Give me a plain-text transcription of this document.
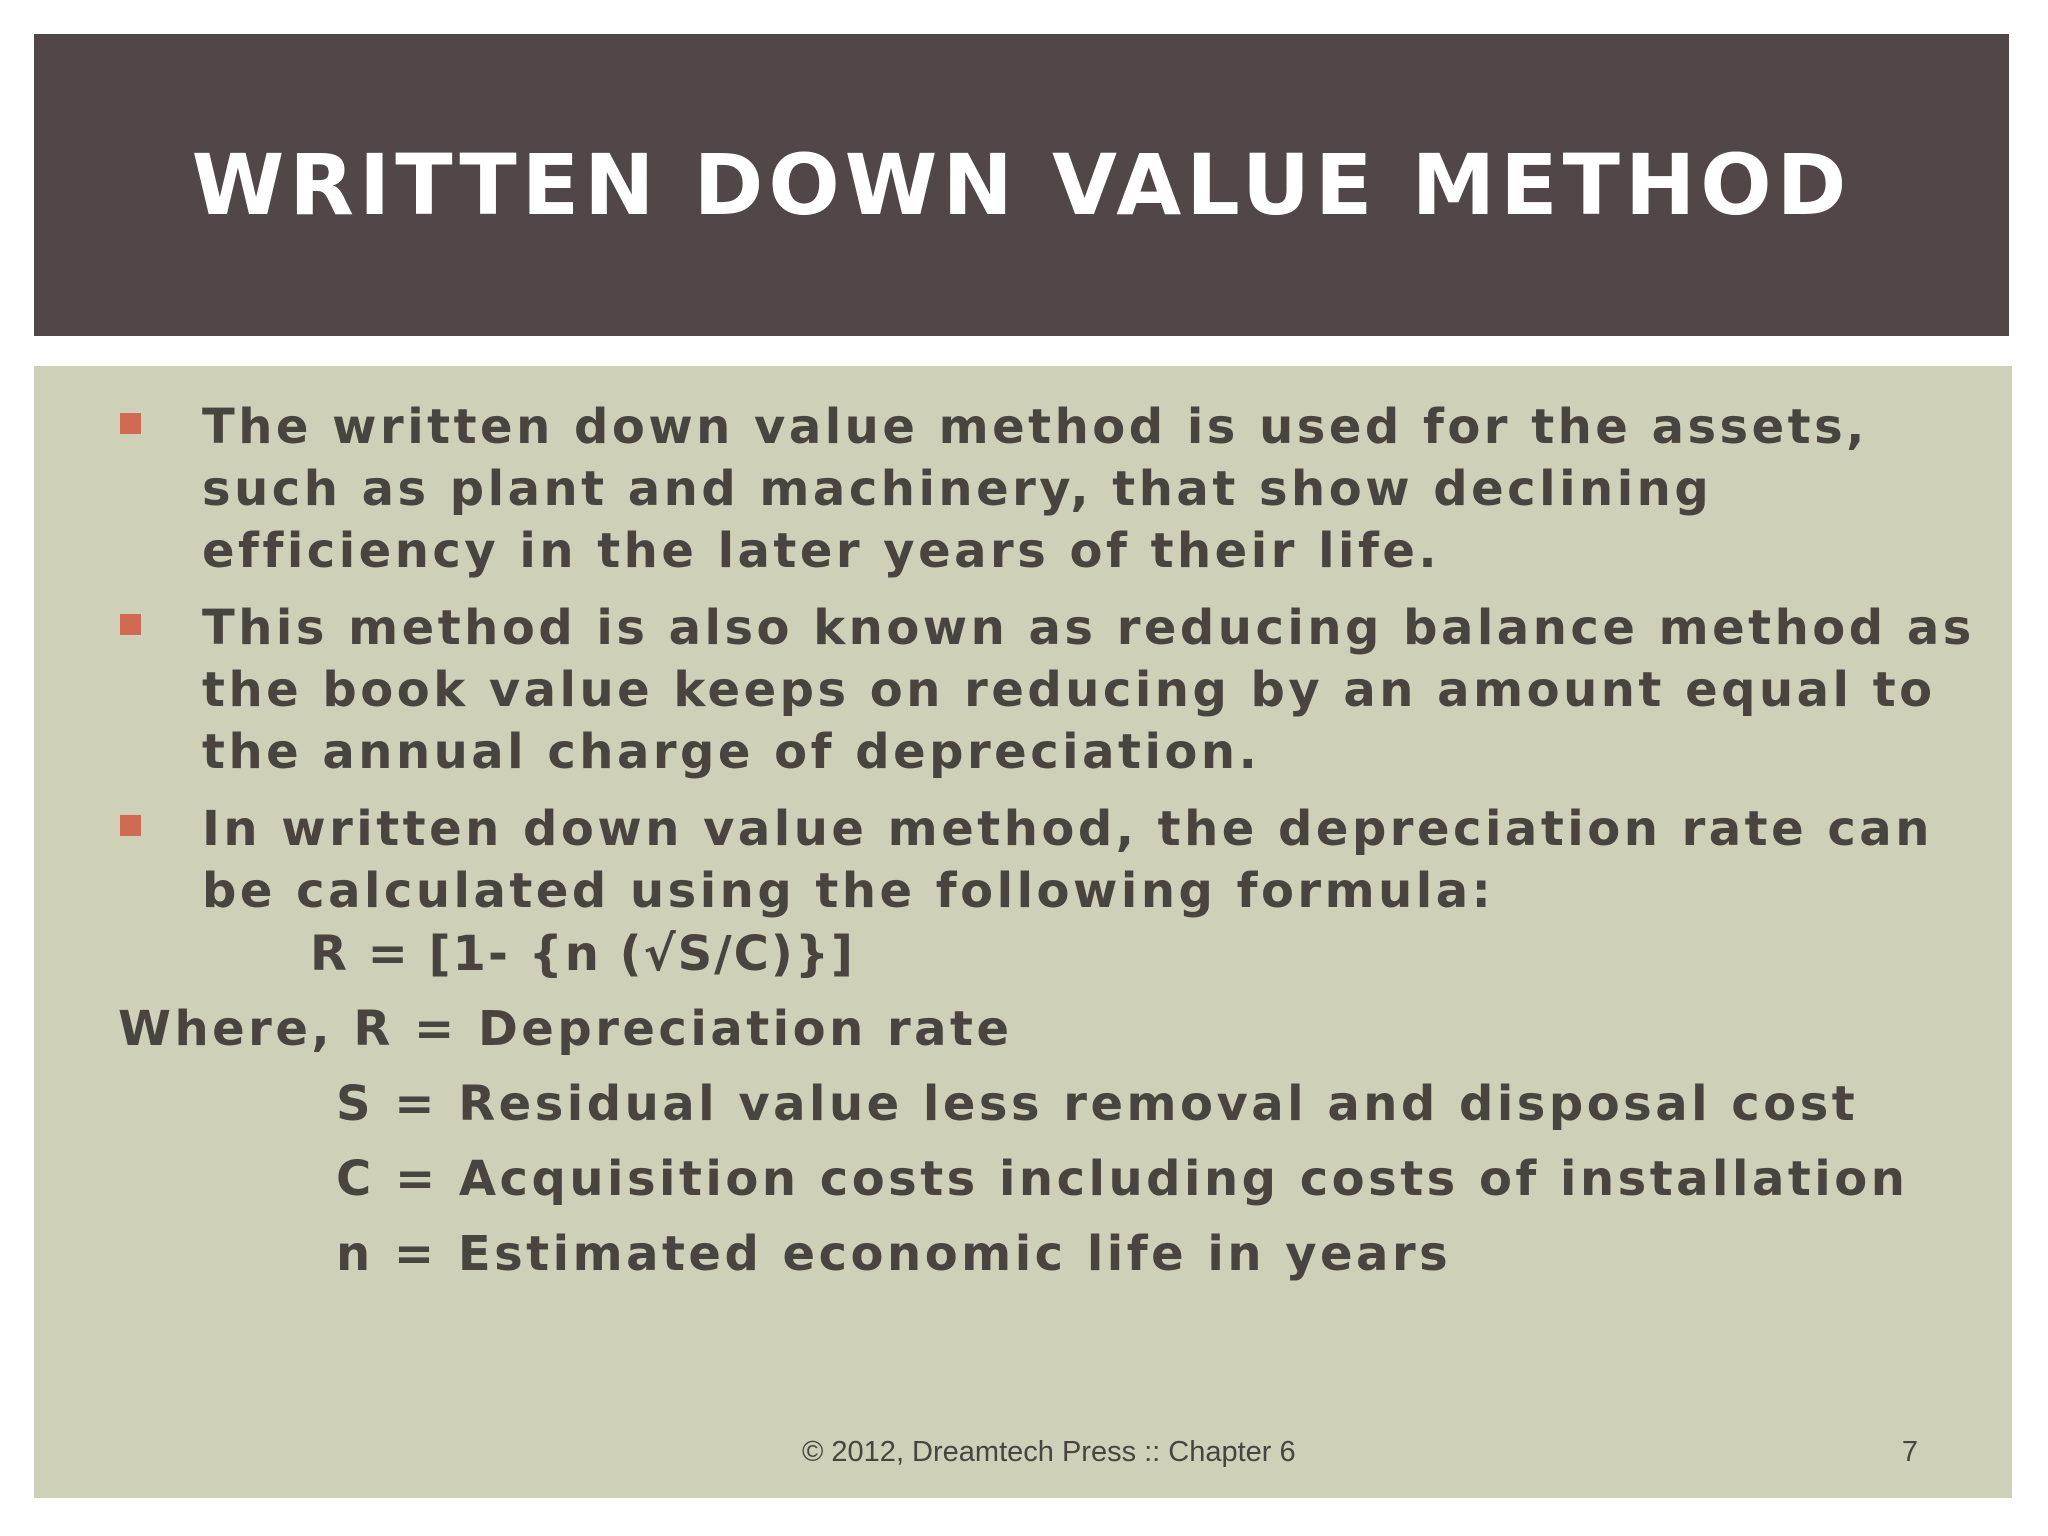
WRITTEN DOWN VALUE METHOD
The written down value method is used for the assets, such as plant and machinery, that show declining efficiency in the later years of their life.
This method is also known as reducing balance method as the book value keeps on reducing by an amount equal to the annual charge of depreciation.
In written down value method, the depreciation rate can be calculated using the following formula:
R = [1- {n (√S/C)}]
Where, R = Depreciation rate
S = Residual value less removal and disposal cost
C = Acquisition costs including costs of installation
n = Estimated economic life in years
© 2012, Dreamtech Press :: Chapter 6	7
